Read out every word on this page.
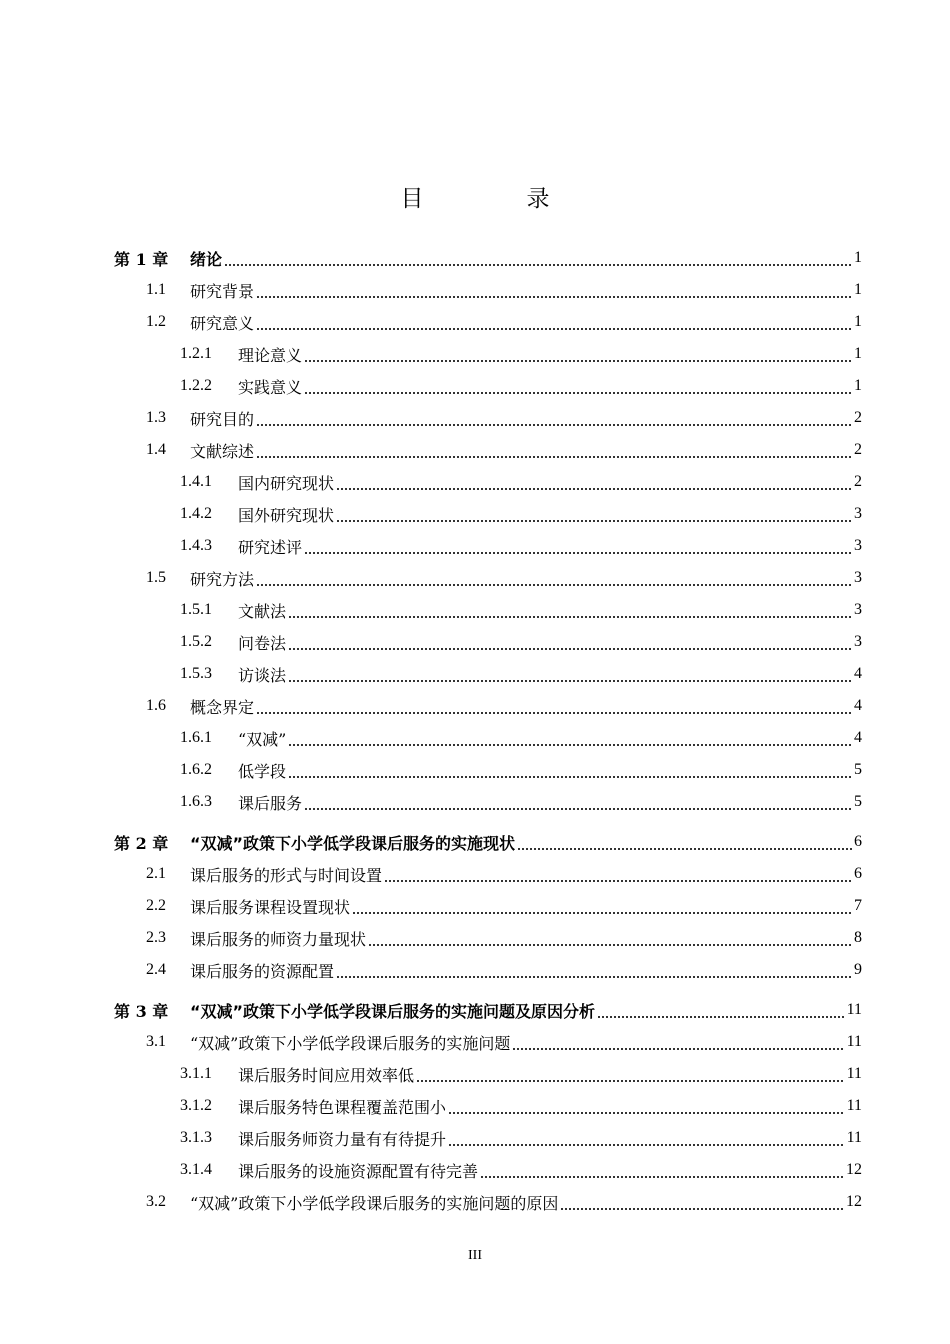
目　录
第 1 章	绪论	1
1.1	研究背景	1
1.2	研究意义	1
1.2.1	理论意义	1
1.2.2	实践意义	1
1.3	研究目的	2
1.4	文献综述	2
1.4.1	国内研究现状	2
1.4.2	国外研究现状	3
1.4.3	研究述评	3
1.5	研究方法	3
1.5.1	文献法	3
1.5.2	问卷法	3
1.5.3	访谈法	4
1.6	概念界定	4
1.6.1	“双减”	4
1.6.2	低学段	5
1.6.3	课后服务	5
第 2 章	“双减”政策下小学低学段课后服务的实施现状	6
2.1	课后服务的形式与时间设置	6
2.2	课后服务课程设置现状	7
2.3	课后服务的师资力量现状	8
2.4	课后服务的资源配置	9
第 3 章	“双减”政策下小学低学段课后服务的实施问题及原因分析	11
3.1	“双减”政策下小学低学段课后服务的实施问题	11
3.1.1	课后服务时间应用效率低	11
3.1.2	课后服务特色课程覆盖范围小	11
3.1.3	课后服务师资力量有有待提升	11
3.1.4	课后服务的设施资源配置有待完善	12
3.2	“双减”政策下小学低学段课后服务的实施问题的原因	12
III
